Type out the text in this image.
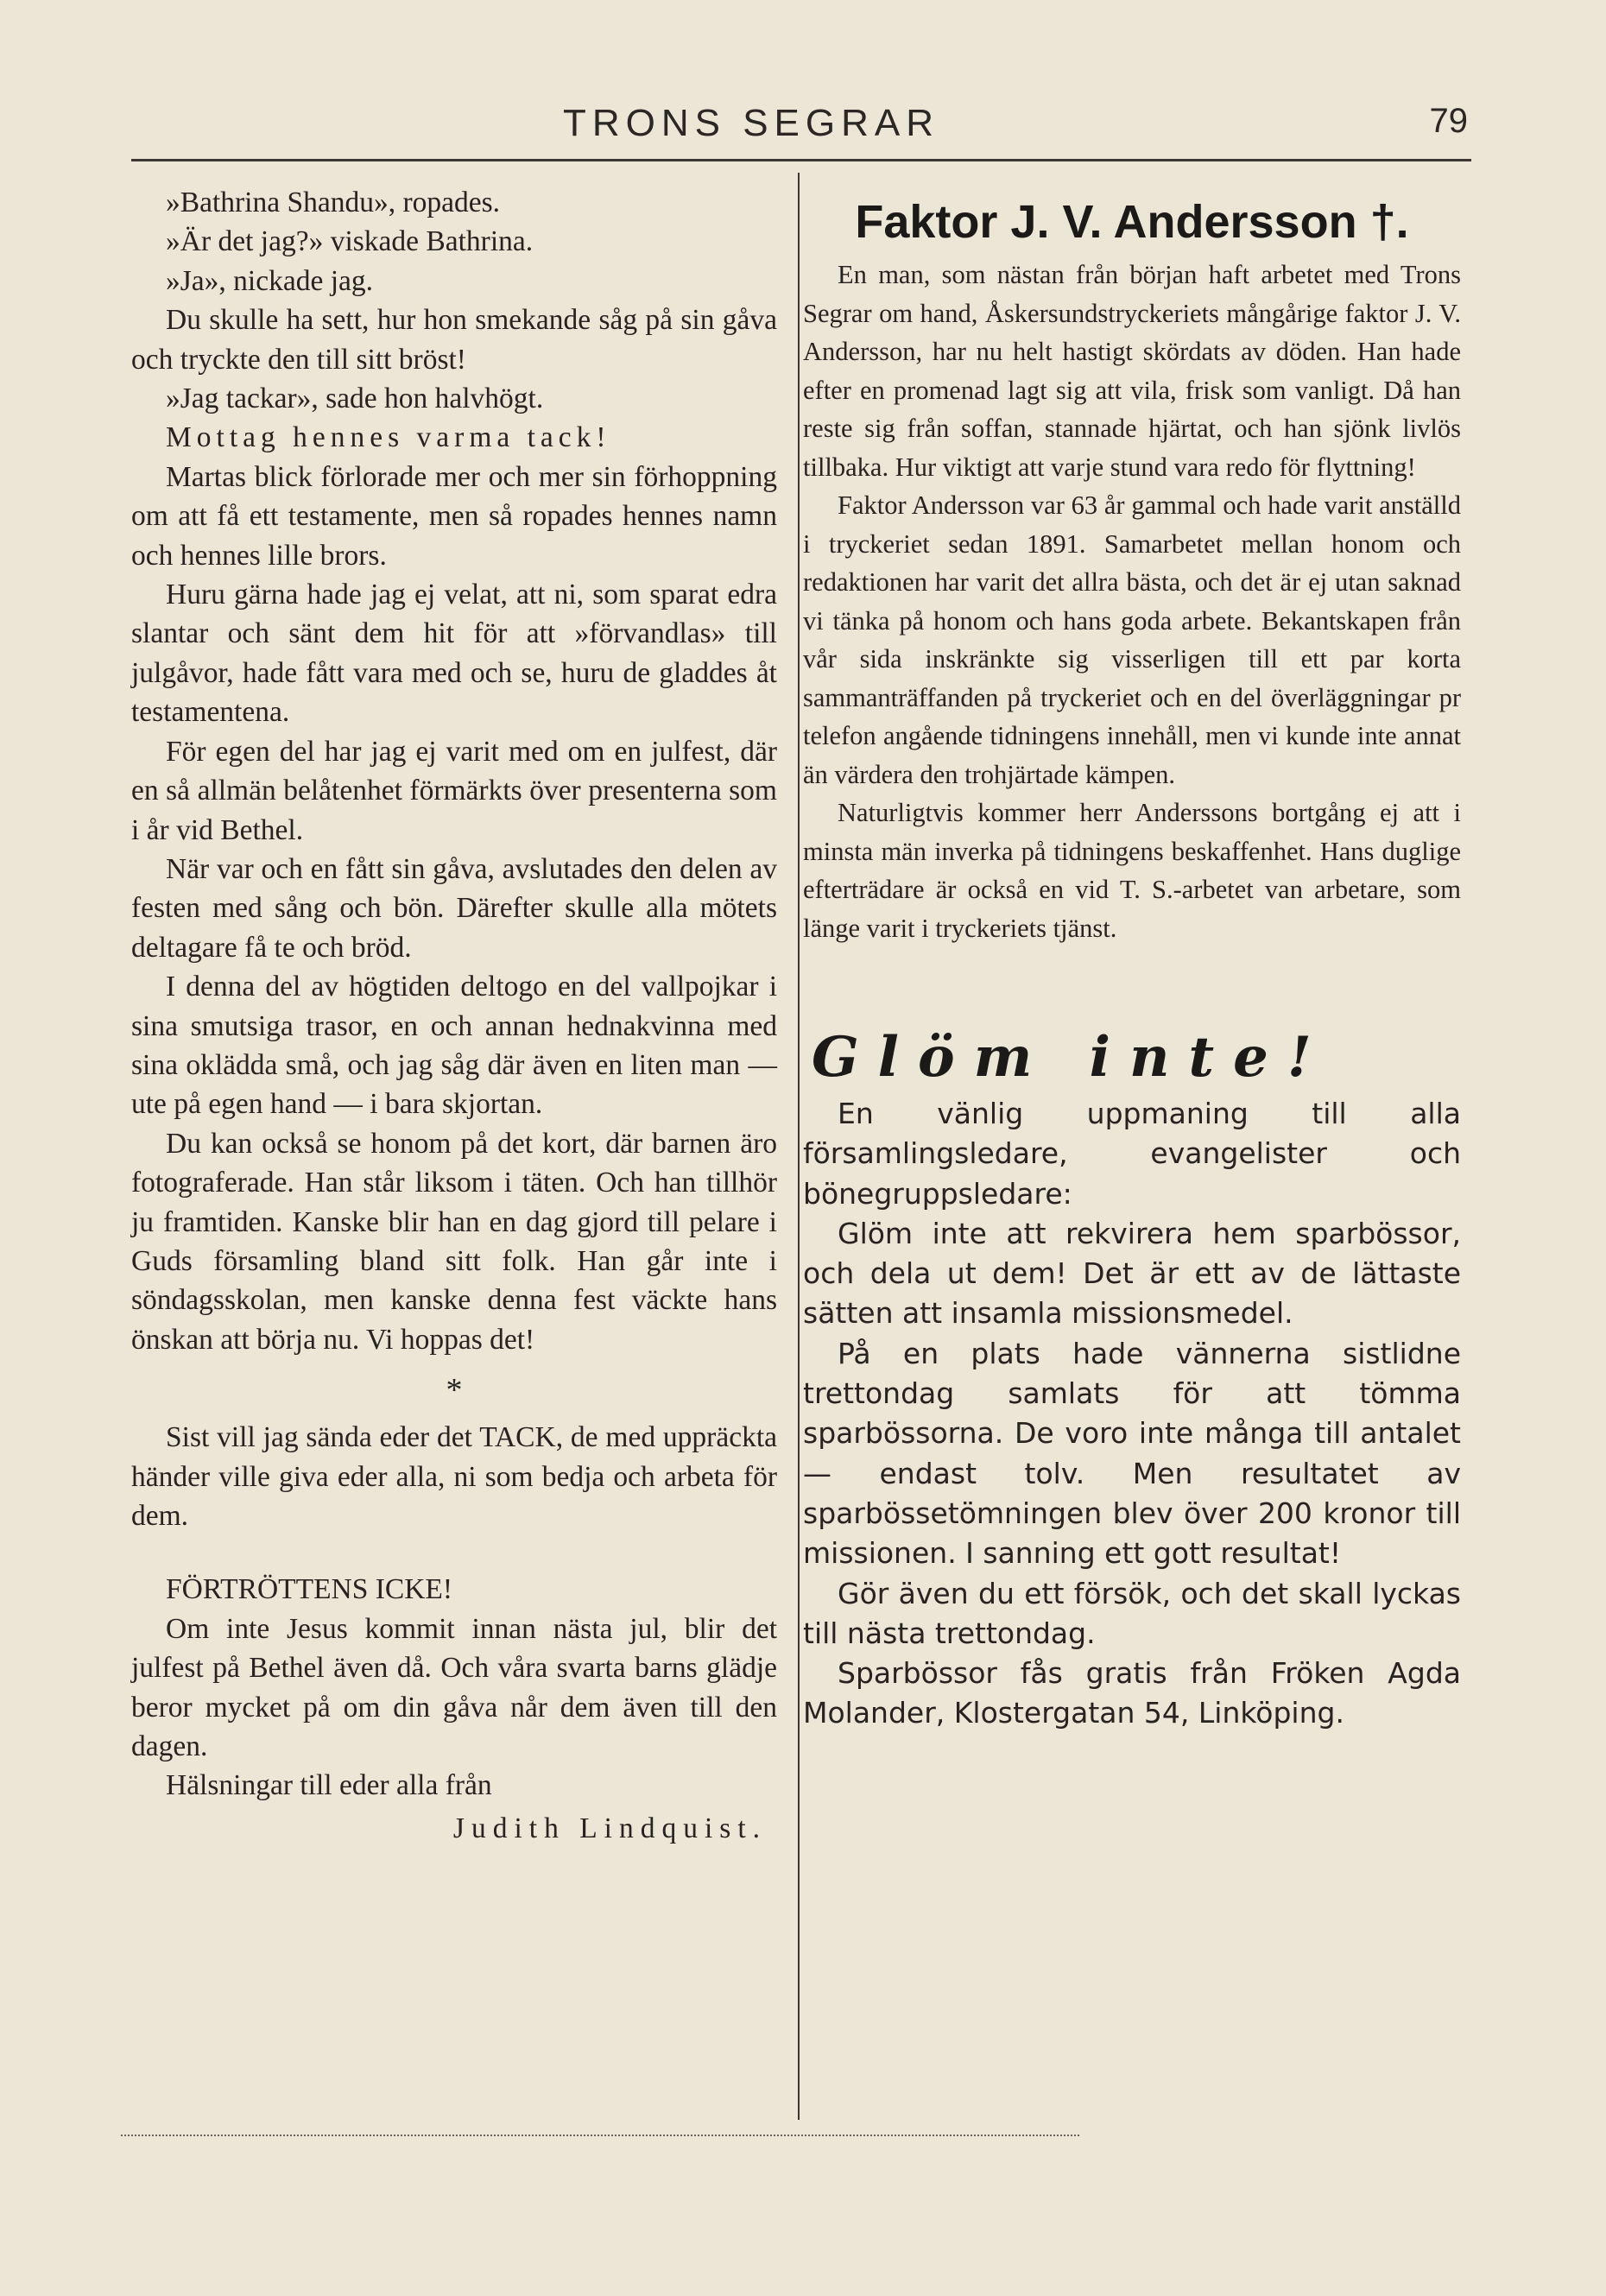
TRONS SEGRAR	79

»Bathrina Shandu», ropades.

»Är det jag?» viskade Bathrina.

»Ja», nickade jag.

Du skulle ha sett, hur hon smekande såg på sin gåva och tryckte den till sitt bröst!

»Jag tackar», sade hon halvhögt.

Mottag hennes varma tack!

Martas blick förlorade mer och mer sin förhoppning om att få ett testamente, men så ropades hennes namn och hennes lille brors.

Huru gärna hade jag ej velat, att ni, som sparat edra slantar och sänt dem hit för att »förvandlas» till julgåvor, hade fått vara med och se, huru de gladdes åt testamentena.

För egen del har jag ej varit med om en julfest, där en så allmän belåtenhet förmärkts över presenterna som i år vid Bethel.

När var och en fått sin gåva, avslutades den delen av festen med sång och bön. Därefter skulle alla mötets deltagare få te och bröd.

I denna del av högtiden deltogo en del vallpojkar i sina smutsiga trasor, en och annan hednakvinna med sina oklädda små, och jag såg där även en liten man — ute på egen hand — i bara skjortan.

Du kan också se honom på det kort, där barnen äro fotograferade. Han står liksom i täten. Och han tillhör ju framtiden. Kanske blir han en dag gjord till pelare i Guds församling bland sitt folk. Han går inte i söndagsskolan, men kanske denna fest väckte hans önskan att börja nu. Vi hoppas det!

*

Sist vill jag sända eder det TACK, de med uppräckta händer ville giva eder alla, ni som bedja och arbeta för dem.

FÖRTRÖTTENS ICKE!

Om inte Jesus kommit innan nästa jul, blir det julfest på Bethel även då. Och våra svarta barns glädje beror mycket på om din gåva når dem även till den dagen.

Hälsningar till eder alla från

Judith Lindquist.
Faktor J. V. Andersson †.

En man, som nästan från början haft arbetet med Trons Segrar om hand, Åskersundstryckeriets mångårige faktor J. V. Andersson, har nu helt hastigt skördats av döden. Han hade efter en promenad lagt sig att vila, frisk som vanligt. Då han reste sig från soffan, stannade hjärtat, och han sjönk livlös tillbaka. Hur viktigt att varje stund vara redo för flyttning!

Faktor Andersson var 63 år gammal och hade varit anställd i tryckeriet sedan 1891. Samarbetet mellan honom och redaktionen har varit det allra bästa, och det är ej utan saknad vi tänka på honom och hans goda arbete. Bekantskapen från vår sida inskränkte sig visserligen till ett par korta sammanträffanden på tryckeriet och en del överläggningar pr telefon angående tidningens innehåll, men vi kunde inte annat än värdera den trohjärtade kämpen.

Naturligtvis kommer herr Anderssons bortgång ej att i minsta män inverka på tidningens beskaffenhet. Hans duglige efterträdare är också en vid T. S.-arbetet van arbetare, som länge varit i tryckeriets tjänst.

Glöm inte!

En vänlig uppmaning till alla församlingsledare, evangelister och bönegruppsledare:

Glöm inte att rekvirera hem sparbössor, och dela ut dem! Det är ett av de lättaste sätten att insamla missionsmedel.

På en plats hade vännerna sistlidne trettondag samlats för att tömma sparbössorna. De voro inte många till antalet — endast tolv. Men resultatet av sparbössetömningen blev över 200 kronor till missionen. I sanning ett gott resultat!

Gör även du ett försök, och det skall lyckas till nästa trettondag.

Sparbössor fås gratis från Fröken Agda Molander, Klostergatan 54, Linköping.
